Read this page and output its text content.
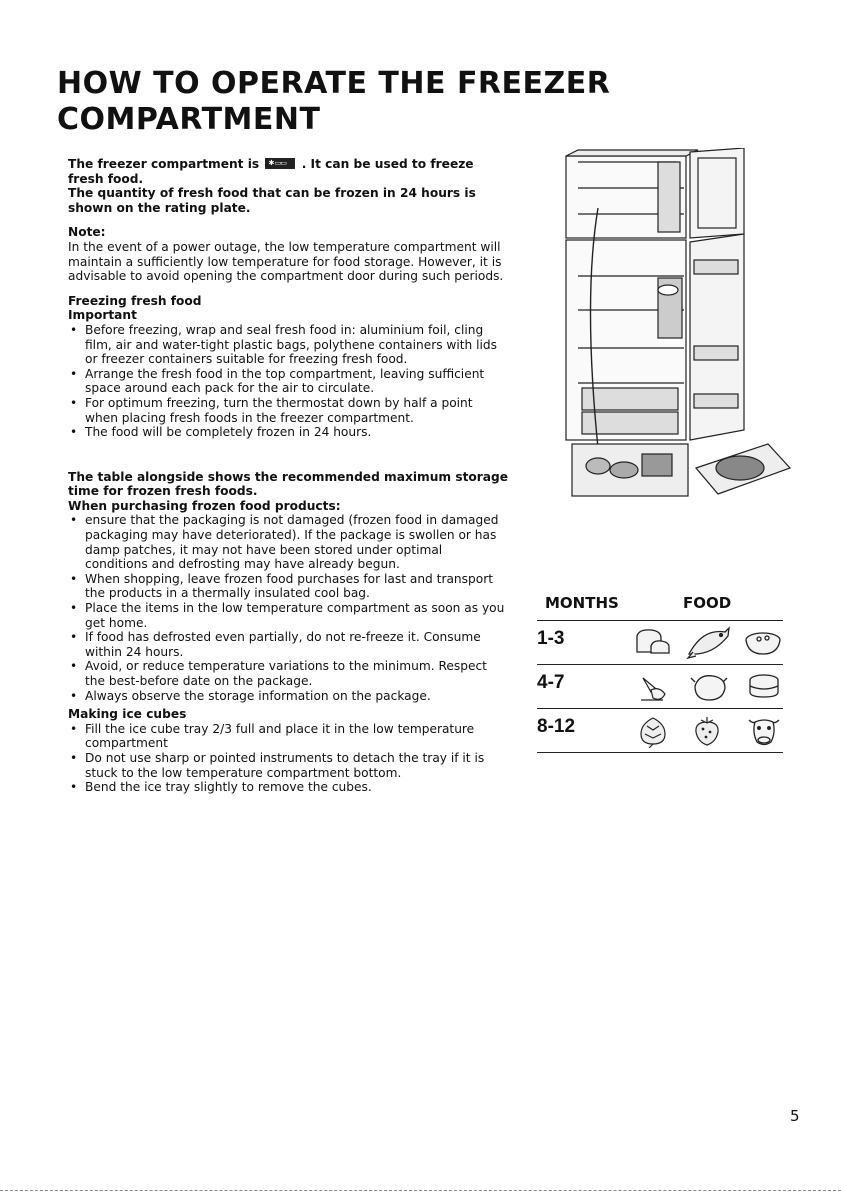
HOW TO OPERATE THE FREEZER
COMPARTMENT

The freezer compartment is ✱ ▭▭	. It can be used to freeze fresh food.

The quantity of fresh food that can be frozen in 24 hours is shown on the rating plate.

Note:

In the event of a power outage, the low temperature compartment will maintain a sufficiently low temperature for food storage. However, it is advisable to avoid opening the compartment door during such periods.

Freezing fresh food

Important

• Before freezing, wrap and seal fresh food in: aluminium foil, cling film, air and water-tight plastic bags, polythene containers with lids or freezer containers suitable for freezing fresh food.
• Arrange the fresh food in the top compartment, leaving sufficient space around each pack for the air to circulate.
• For optimum freezing, turn the thermostat down by half a point when placing fresh foods in the freezer compartment.
• The food will be completely frozen in 24 hours.

The table alongside shows the recommended maximum storage time for frozen fresh foods.

When purchasing frozen food products:

• ensure that the packaging is not damaged (frozen food in damaged packaging may have deteriorated). If the package is swollen or has damp patches, it may not have been stored under optimal conditions and defrosting may have already begun.
• When shopping, leave frozen food purchases for last and transport the products in a thermally insulated cool bag.
• Place the items in the low temperature compartment as soon as you get home.
• If food has defrosted even partially, do not re-freeze it. Consume within 24 hours.
• Avoid, or reduce temperature variations to the minimum. Respect the best-before date on the package.
• Always observe the storage information on the package.

Making ice cubes

• Fill the ice cube tray 2/3 full and place it in the low temperature compartment
• Do not use sharp or pointed instruments to detach the tray if it is stuck to the low temperature compartment bottom.
• Bend the ice tray slightly to remove the cubes.
MONTHS	FOOD
1-3
4-7
8-12
5
